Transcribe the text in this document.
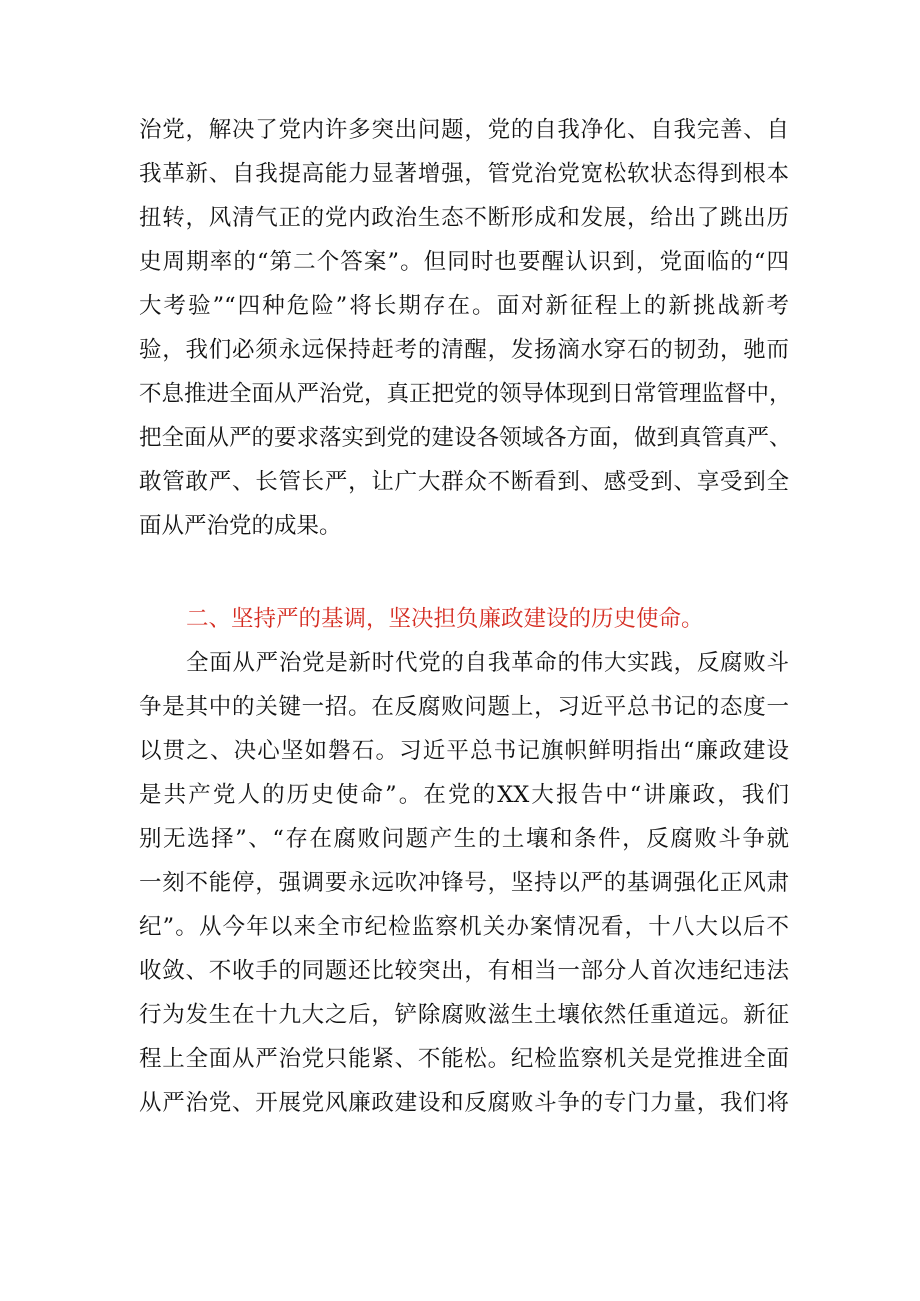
治党，解决了党内许多突出问题，党的自我净化、自我完善、自
我革新、自我提高能力显著增强，管党治党宽松软状态得到根本
扭转，风清气正的党内政治生态不断形成和发展，给出了跳出历
史周期率的“第二个答案”。但同时也要醒认识到，党面临的“四
大考验”“四种危险”将长期存在。面对新征程上的新挑战新考
验，我们必须永远保持赶考的清醒，发扬滴水穿石的韧劲，驰而
不息推进全面从严治党，真正把党的领导体现到日常管理监督中，
把全面从严的要求落实到党的建设各领域各方面，做到真管真严、
敢管敢严、长管长严，让广大群众不断看到、感受到、享受到全
面从严治党的成果。
二、坚持严的基调，坚决担负廉政建设的历史使命。
全面从严治党是新时代党的自我革命的伟大实践，反腐败斗
争是其中的关键一招。在反腐败问题上，习近平总书记的态度一
以贯之、决心坚如磐石。习近平总书记旗帜鲜明指出“廉政建设
是共产党人的历史使命”。在党的XX大报告中“讲廉政，我们
别无选择”、“存在腐败问题产生的土壤和条件，反腐败斗争就
一刻不能停，强调要永远吹冲锋号，坚持以严的基调强化正风肃
纪”。从今年以来全市纪检监察机关办案情况看，十八大以后不
收敛、不收手的同题还比较突出，有相当一部分人首次违纪违法
行为发生在十九大之后，铲除腐败滋生土壤依然任重道远。新征
程上全面从严治党只能紧、不能松。纪检监察机关是党推进全面
从严治党、开展党风廉政建设和反腐败斗争的专门力量，我们将
